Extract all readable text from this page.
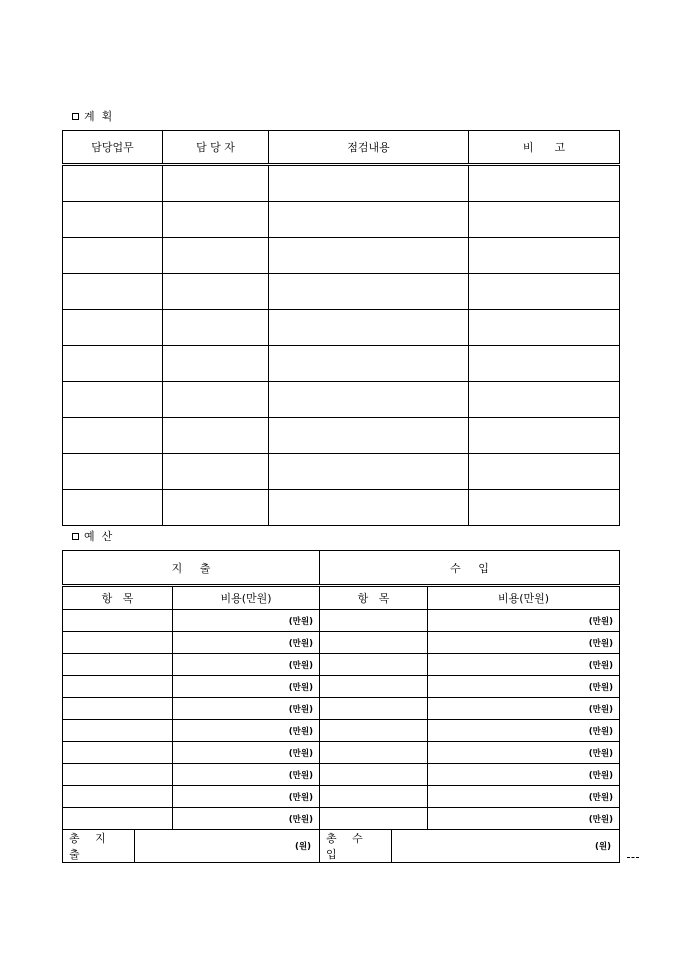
계  획
담당업무	담 당 자	점검내용	비      고

예  산
지     출			수     입		
항   목		비용(만원)	항   목		비용(만원)
		(만원)			(만원)
		(만원)			(만원)
		(만원)			(만원)
		(만원)			(만원)
		(만원)			(만원)
		(만원)			(만원)
		(만원)			(만원)
		(만원)			(만원)
		(만원)			(만원)
		(만원)			(만원)
총 지 출	(원)		총 수 입	(원)	
